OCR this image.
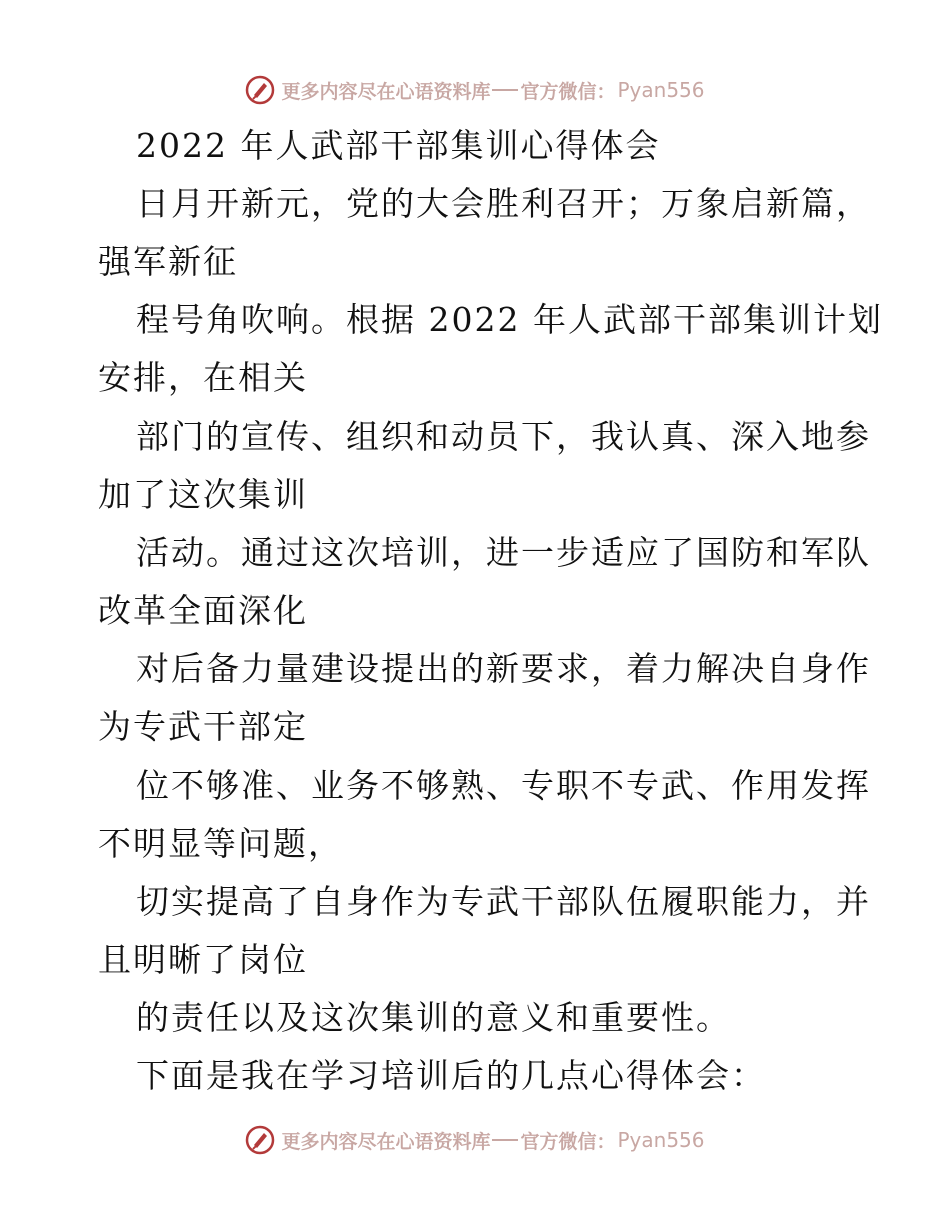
更多内容尽在心语资料库 官方微信： Pyan556
2022 年人武部干部集训心得体会
日月开新元，党的大会胜利召开；万象启新篇，
强军新征
程号角吹响。根据 2022 年人武部干部集训计划
安排，在相关
部门的宣传、组织和动员下，我认真、深入地参
加了这次集训
活动。通过这次培训，进一步适应了国防和军队
改革全面深化
对后备力量建设提出的新要求，着力解决自身作
为专武干部定
位不够准、业务不够熟、专职不专武、作用发挥
不明显等问题，
切实提高了自身作为专武干部队伍履职能力，并
且明晰了岗位
的责任以及这次集训的意义和重要性。
下面是我在学习培训后的几点心得体会：
更多内容尽在心语资料库 官方微信： Pyan556
